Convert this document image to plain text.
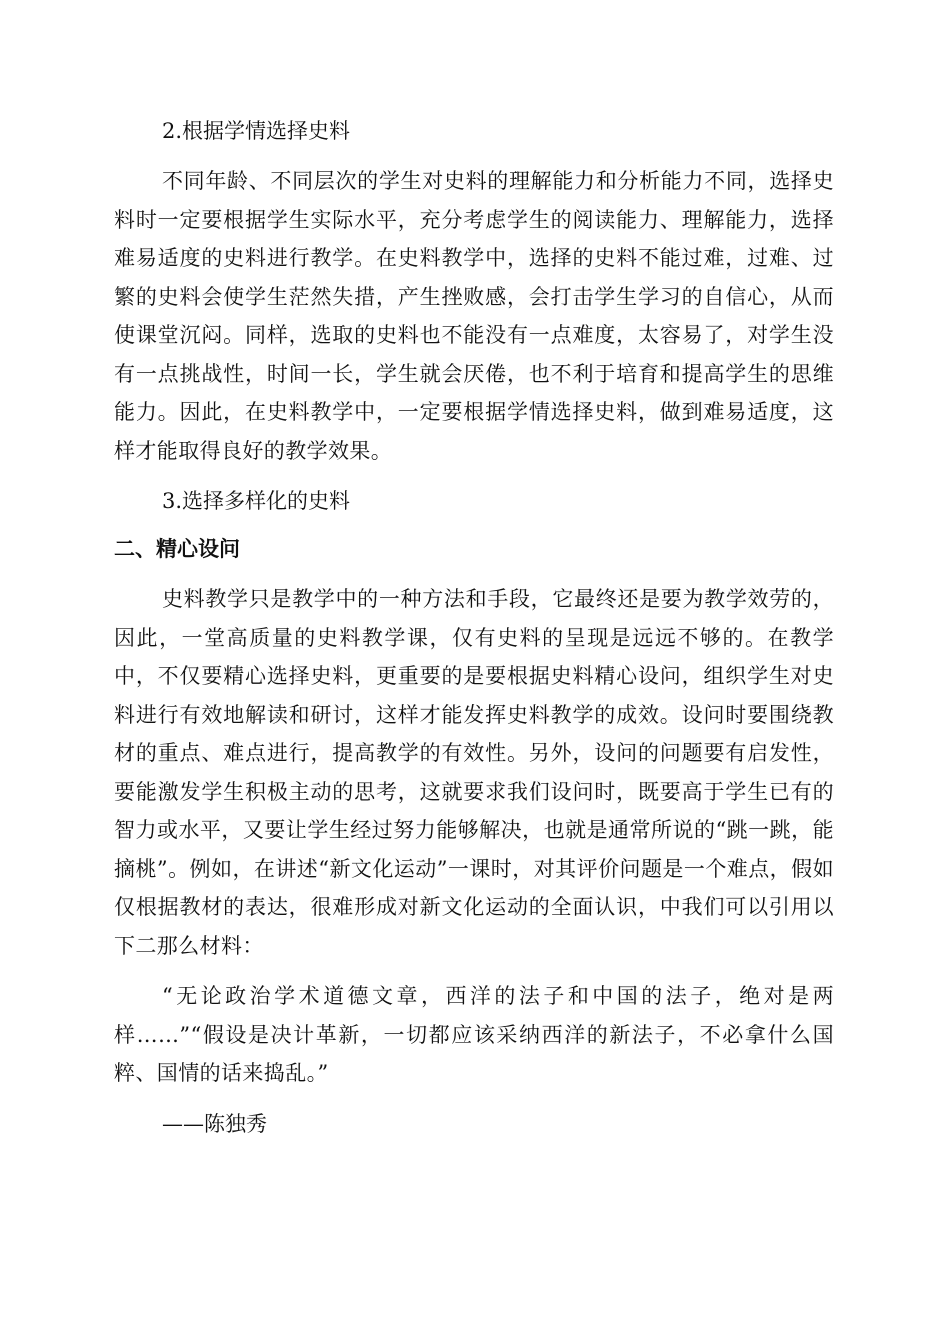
2.根据学情选择史料

不同年龄、不同层次的学生对史料的理解能力和分析能力不同，选择史料时一定要根据学生实际水平，充分考虑学生的阅读能力、理解能力，选择难易适度的史料进行教学。在史料教学中，选择的史料不能过难，过难、过繁的史料会使学生茫然失措，产生挫败感，会打击学生学习的自信心，从而使课堂沉闷。同样，选取的史料也不能没有一点难度，太容易了，对学生没有一点挑战性，时间一长，学生就会厌倦，也不利于培育和提高学生的思维能力。因此，在史料教学中，一定要根据学情选择史料，做到难易适度，这样才能取得良好的教学效果。

3.选择多样化的史料

二、精心设问

史料教学只是教学中的一种方法和手段，它最终还是要为教学效劳的，因此，一堂高质量的史料教学课，仅有史料的呈现是远远不够的。在教学中，不仅要精心选择史料，更重要的是要根据史料精心设问，组织学生对史料进行有效地解读和研讨，这样才能发挥史料教学的成效。设问时要围绕教材的重点、难点进行，提高教学的有效性。另外，设问的问题要有启发性，要能激发学生积极主动的思考，这就要求我们设问时，既要高于学生已有的智力或水平，又要让学生经过努力能够解决，也就是通常所说的“跳一跳，能摘桃”。例如，在讲述“新文化运动”一课时，对其评价问题是一个难点，假如仅根据教材的表达，很难形成对新文化运动的全面认识，中我们可以引用以下二那么材料：

“无论政治学术道德文章，西洋的法子和中国的法子，绝对是两样……”“假设是决计革新，一切都应该采纳西洋的新法子，不必拿什么国粹、国情的话来捣乱。”

——陈独秀
